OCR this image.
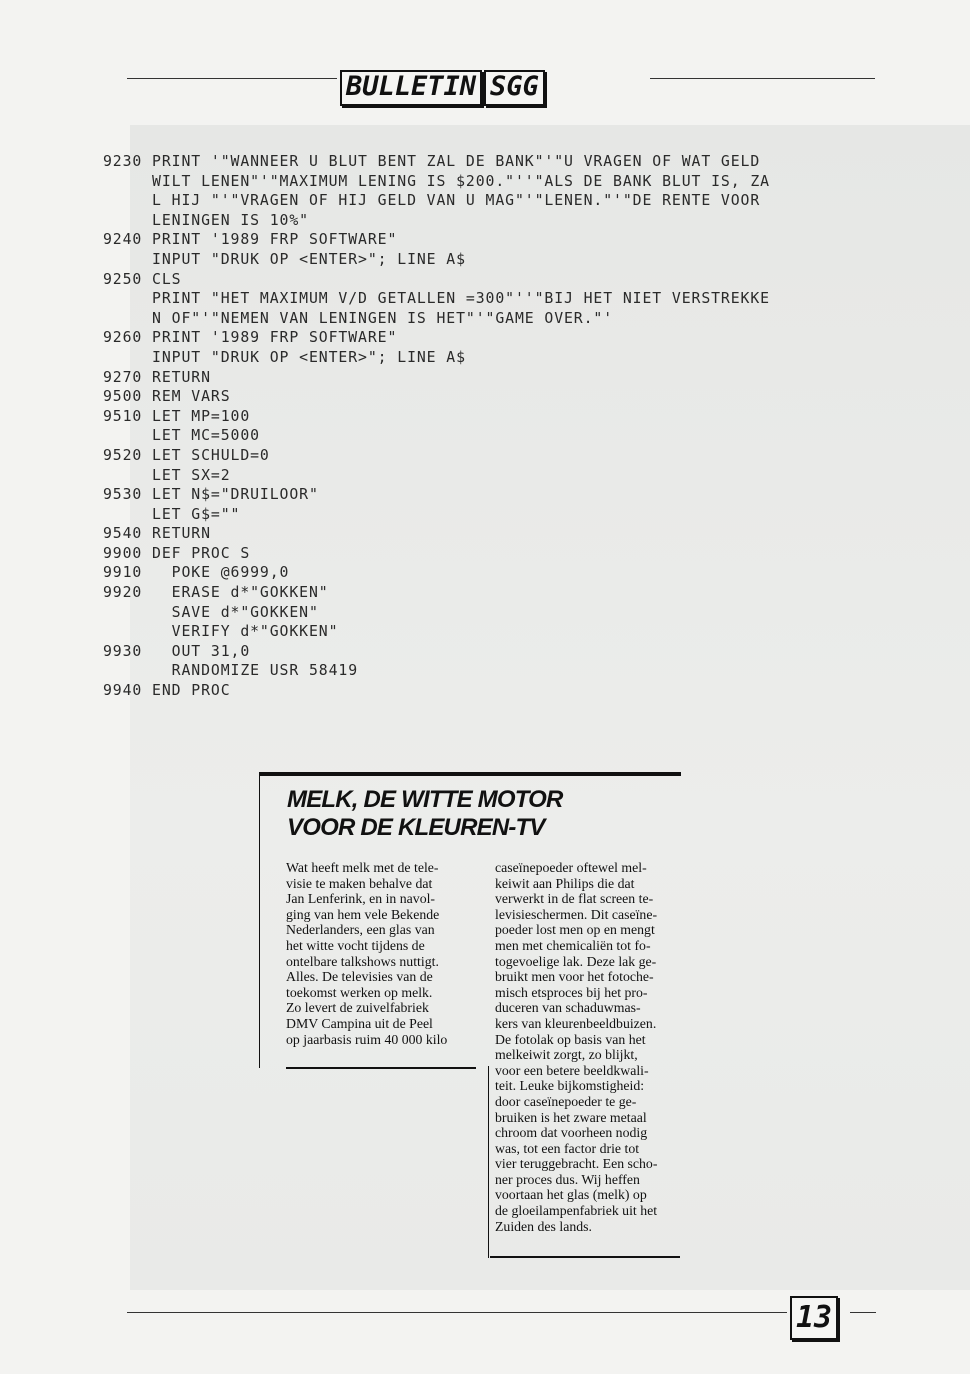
BULLETIN SGG
9230 PRINT '"WANNEER U BLUT BENT ZAL DE BANK"'"U VRAGEN OF WAT GELD
WILT LENEN"'"MAXIMUM LENING IS $200."''"ALS DE BANK BLUT IS, ZA
L HIJ "'"VRAGEN OF HIJ GELD VAN U MAG"'"LENEN."'"DE RENTE VOOR
LENINGEN IS 10%"
9240 PRINT '1989 FRP SOFTWARE"
INPUT "DRUK OP <ENTER>"; LINE A$
9250 CLS
PRINT "HET MAXIMUM V/D GETALLEN =300"''"BIJ HET NIET VERSTREKKE
N OF"'"NEMEN VAN LENINGEN IS HET"'"GAME OVER."'
9260 PRINT '1989 FRP SOFTWARE"
INPUT "DRUK OP <ENTER>"; LINE A$
9270 RETURN
9500 REM VARS
9510 LET MP=100
LET MC=5000
9520 LET SCHULD=0
LET SX=2
9530 LET N$="DRUILOOR"
LET G$=""
9540 RETURN
9900 DEF PROC S
9910   POKE @6999,0
9920   ERASE d*"GOKKEN"
SAVE d*"GOKKEN"
VERIFY d*"GOKKEN"
9930   OUT 31,0
RANDOMIZE USR 58419
9940 END PROC
MELK, DE WITTE MOTOR
VOOR DE KLEUREN-TV
Wat heeft melk met de tele-
visie te maken behalve dat
Jan Lenferink, en in navol-
ging van hem vele Bekende
Nederlanders, een glas van
het witte vocht tijdens de
ontelbare talkshows nuttigt.
Alles. De televisies van de
toekomst werken op melk.
Zo levert de zuivelfabriek
DMV Campina uit de Peel
op jaarbasis ruim 40 000 kilo
caseïnepoeder oftewel mel-
keiwit aan Philips die dat
verwerkt in de flat screen te-
levisieschermen. Dit caseïne-
poeder lost men op en mengt
men met chemicaliën tot fo-
togevoelige lak. Deze lak ge-
bruikt men voor het fotoche-
misch etsproces bij het pro-
duceren van schaduwmas-
kers van kleurenbeeldbuizen.
De fotolak op basis van het
melkeiwit zorgt, zo blijkt,
voor een betere beeldkwali-
teit. Leuke bijkomstigheid:
door caseïnepoeder te ge-
bruiken is het zware metaal
chroom dat voorheen nodig
was, tot een factor drie tot
vier teruggebracht. Een scho-
ner proces dus. Wij heffen
voortaan het glas (melk) op
de gloeilampenfabriek uit het
Zuiden des lands.
13
